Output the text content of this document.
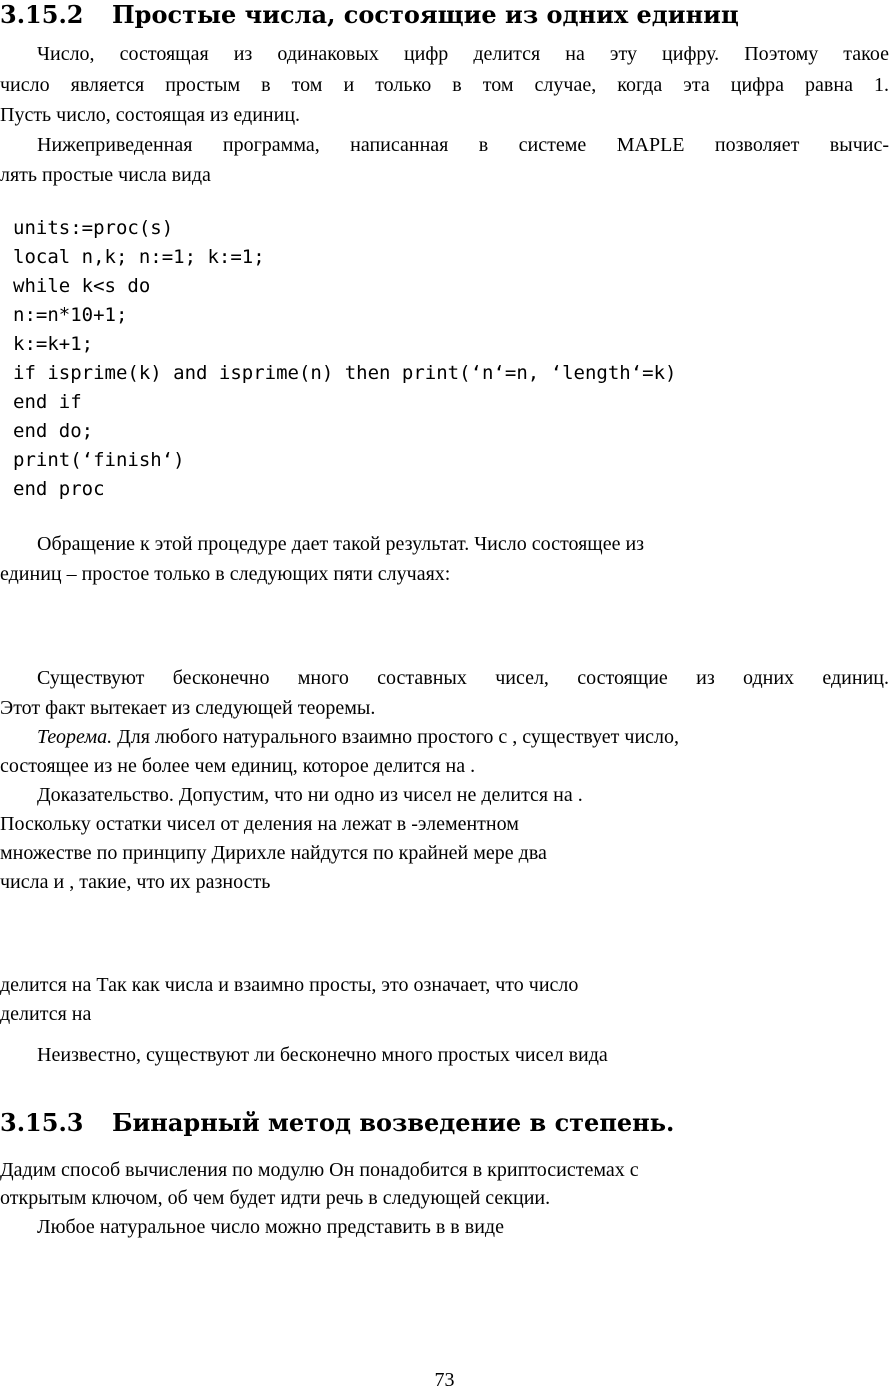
3.15.2 Простые числа, состоящие из одних единиц

Число, состоящая из одинаковых цифр делится на эту цифру. Поэтому такое

число является простым в том и только в том случае, когда эта цифра равна 1.

Пусть число, состоящая из единиц.

Нижеприведенная программа, написанная в системе MAPLE позволяет вычис-

лять простые числа вида

units:=proc(s)
local n,k; n:=1; k:=1;
while k<s do
n:=n*10+1;
k:=k+1;
if isprime(k) and isprime(n) then print(‘n‘=n, ‘length‘=k)
end if
end do;
print(‘finish‘)
end proc

Обращение к этой процедуре дает такой результат. Число состоящее из

единиц – простое только в следующих пяти случаях:

Существуют бесконечно много составных чисел, состоящие из одних единиц.

Этот факт вытекает из следующей теоремы.

Теорема. Для любого натурального взаимно простого с , существует число,

состоящее из не более чем единиц, которое делится на .

Доказательство. Допустим, что ни одно из чисел не делится на .

Поскольку остатки чисел от деления на лежат в -элементном

множестве по принципу Дирихле найдутся по крайней мере два

числа и , такие, что их разность

делится на Так как числа и взаимно просты, это означает, что число

делится на

Неизвестно, существуют ли бесконечно много простых чисел вида

3.15.3 Бинарный метод возведение в степень.

Дадим способ вычисления по модулю Он понадобится в криптосистемах с

открытым ключом, об чем будет идти речь в следующей секции.

Любое натуральное число можно представить в в виде

73
